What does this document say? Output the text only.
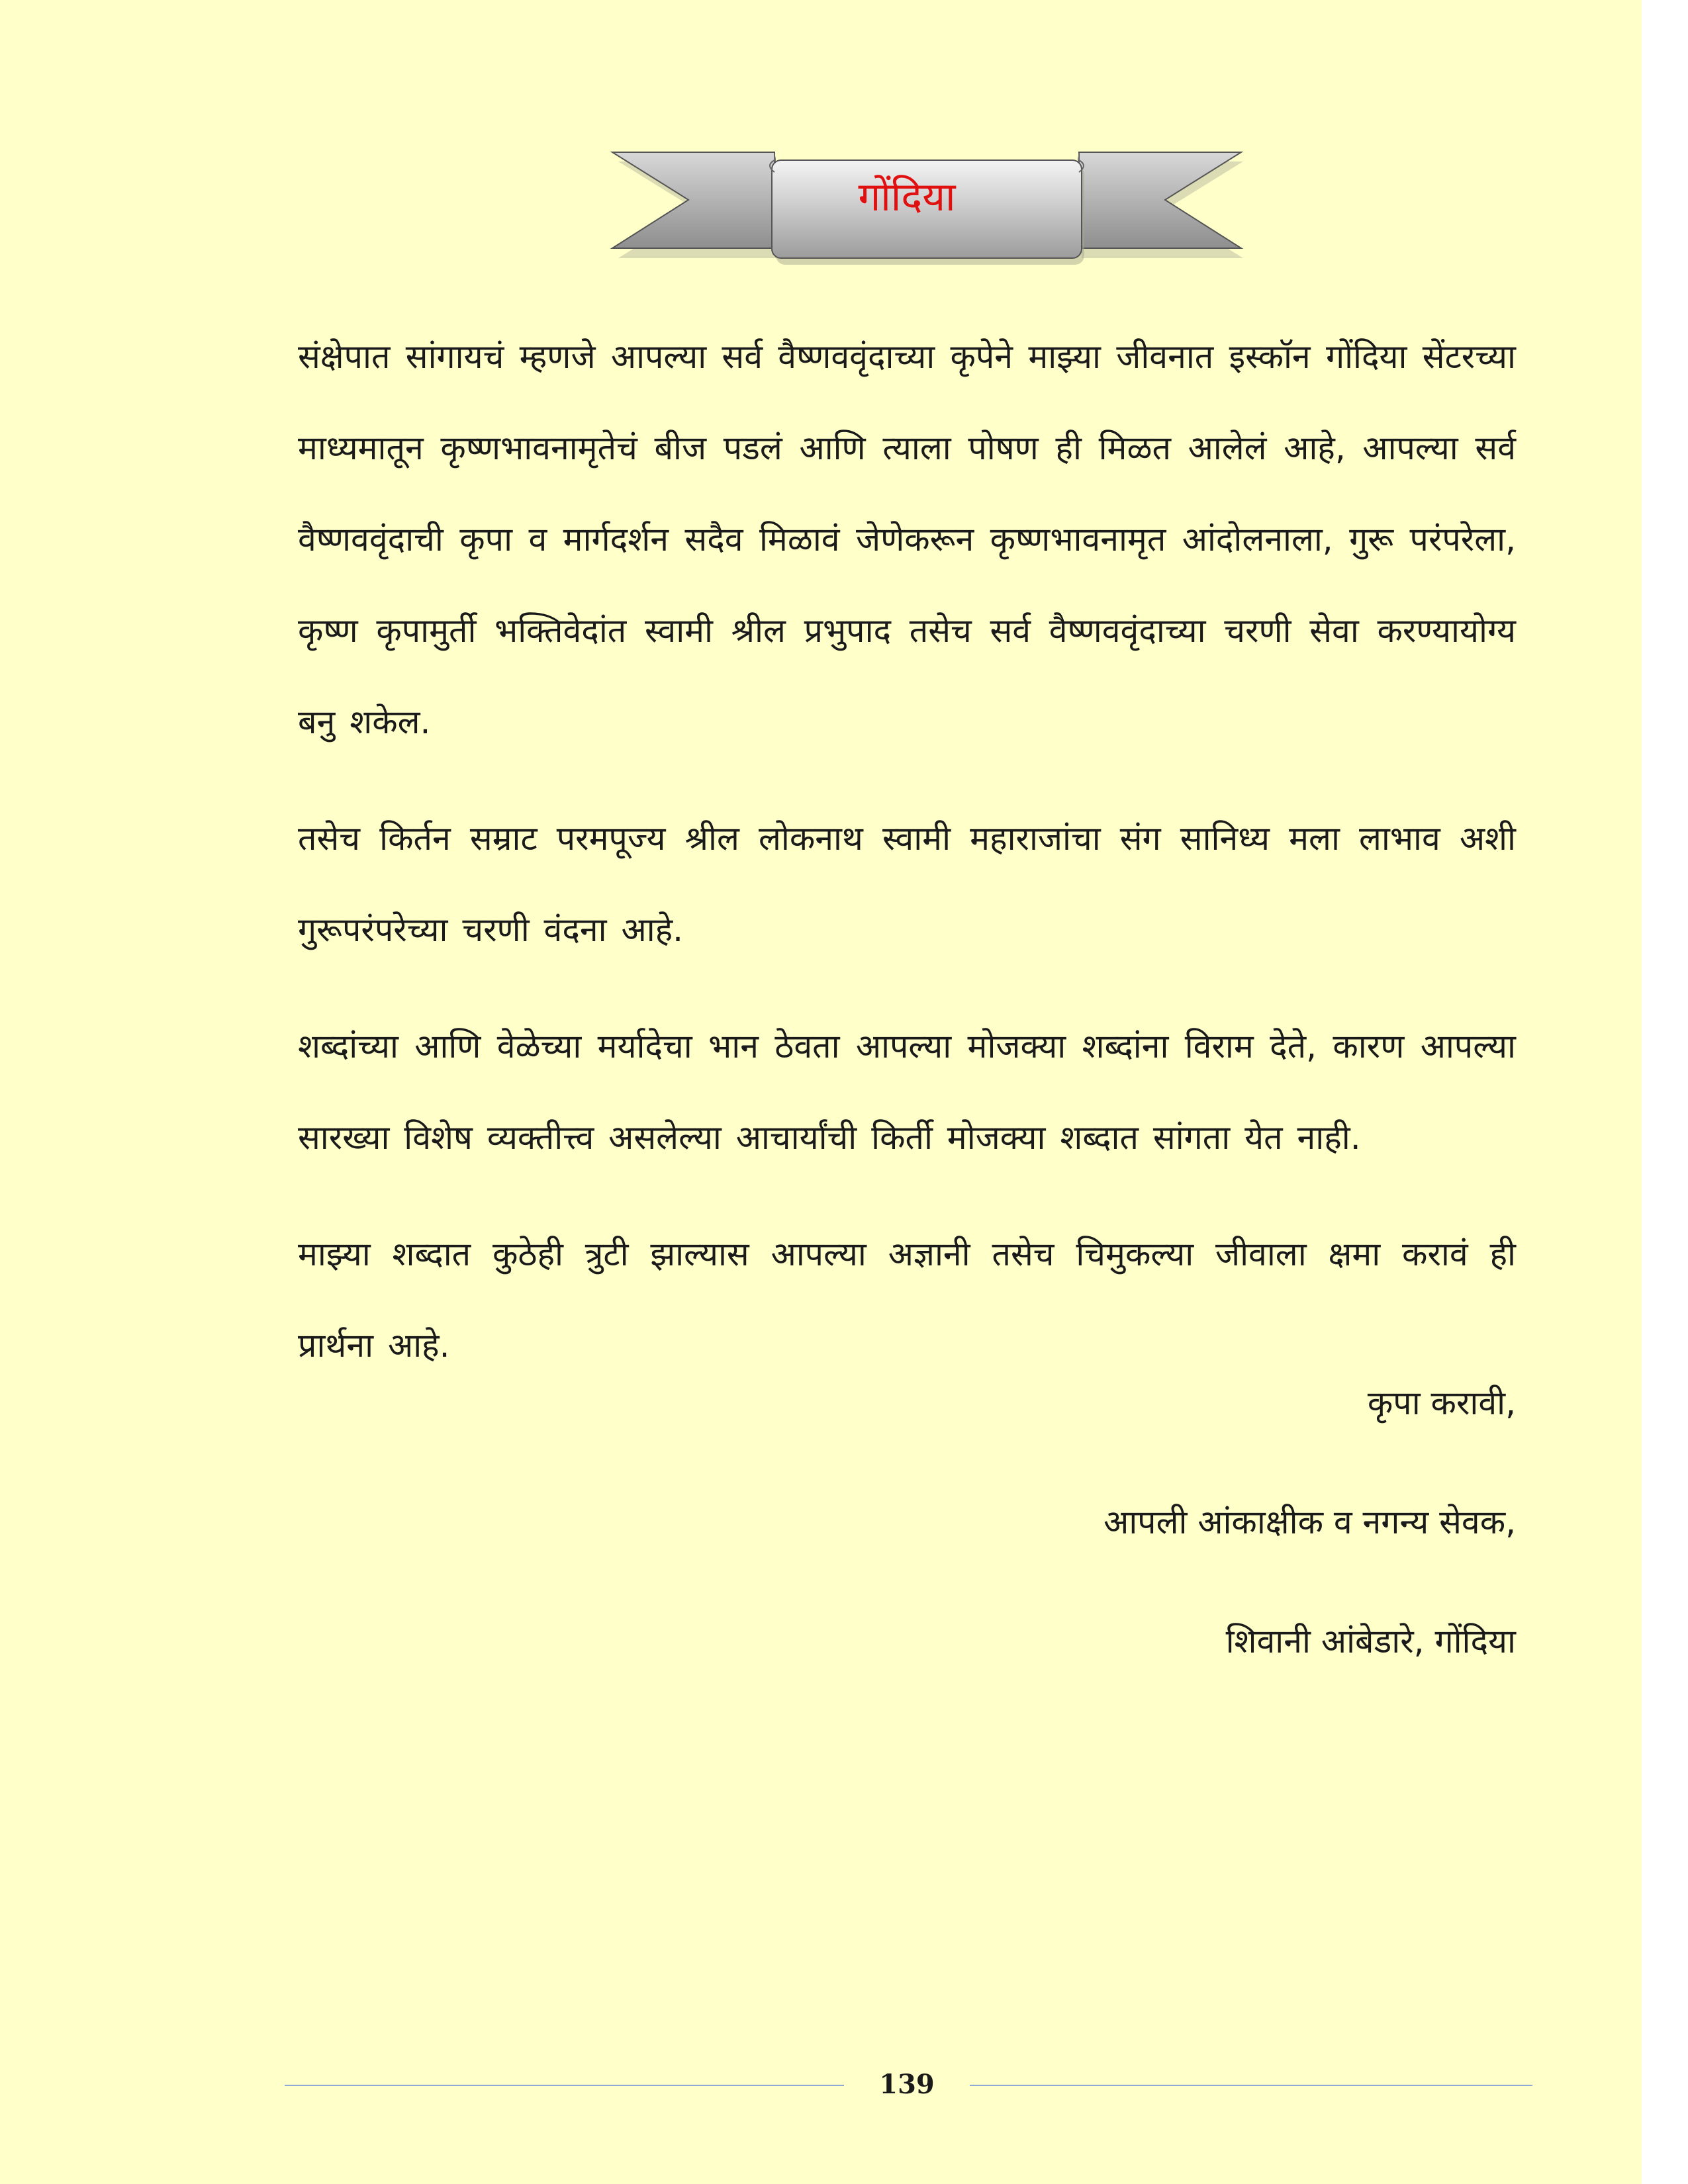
गोंदिया

संक्षेपात सांगायचं म्हणजे आपल्या सर्व वैष्णववृंदाच्या कृपेने माझ्या जीवनात इस्कॉन गोंदिया सेंटरच्या माध्यमातून कृष्णभावनामृतेचं बीज पडलं आणि त्याला पोषण ही मिळत आलेलं आहे, आपल्या सर्व वैष्णववृंदाची कृपा व मार्गदर्शन सदैव मिळावं जेणेकरून कृष्णभावनामृत आंदोलनाला, गुरू परंपरेला, कृष्ण कृपामुर्ती भक्तिवेदांत स्वामी श्रील प्रभुपाद तसेच सर्व वैष्णववृंदाच्या चरणी सेवा करण्यायोग्य बनु शकेल.

तसेच किर्तन सम्राट परमपूज्य श्रील लोकनाथ स्वामी महाराजांचा संग सानिध्य मला लाभाव अशी गुरूपरंपरेच्या चरणी वंदना आहे.

शब्दांच्या आणि वेळेच्या मर्यादेचा भान ठेवता आपल्या मोजक्या शब्दांना विराम देते, कारण आपल्या सारख्या विशेष व्यक्तीत्त्व असलेल्या आचार्यांची किर्ती मोजक्या शब्दात सांगता येत नाही.

माझ्या शब्दात कुठेही त्रुटी झाल्यास आपल्या अज्ञानी तसेच चिमुकल्या जीवाला क्षमा करावं ही प्रार्थना आहे.

कृपा करावी,
आपली आंकाक्षीक व नगन्य सेवक,
शिवानी आंबेडारे, गोंदिया
139
